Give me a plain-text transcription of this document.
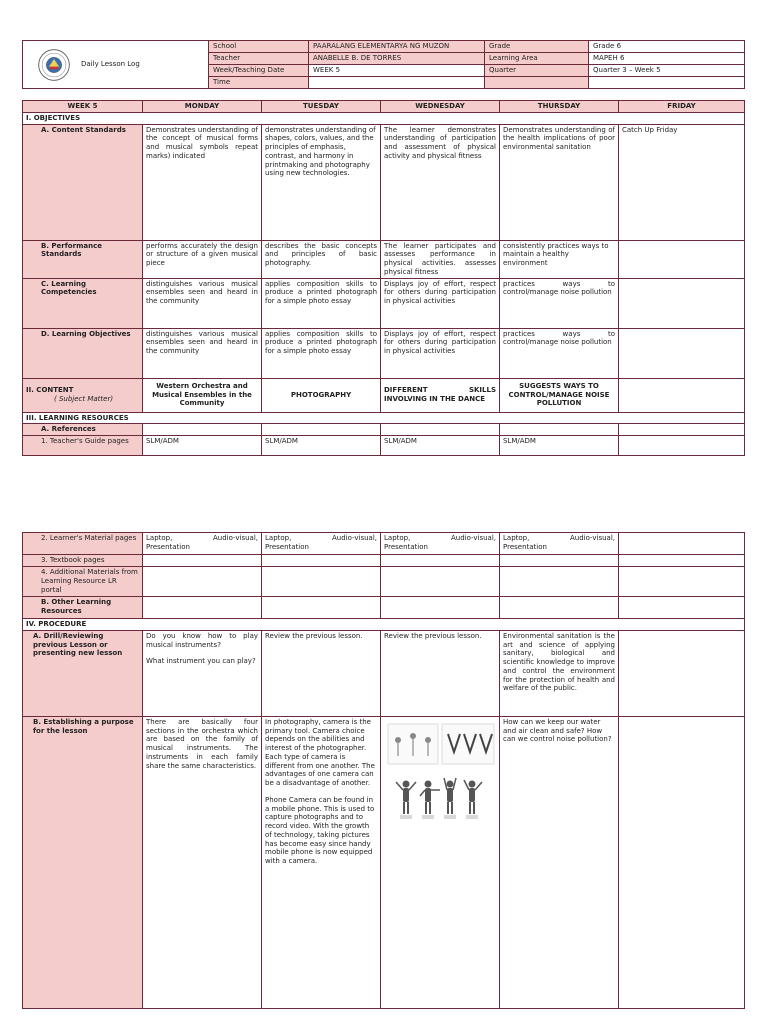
Daily Lesson Log	School	PAARALANG ELEMENTARYA NG MUZON	Grade	Grade 6
	Teacher	ANABELLE B. DE TORRES	Learning Area	MAPEH 6
	Week/Teaching Date	WEEK 5	Quarter	Quarter 3 – Week 5
	Time			
WEEK 5	MONDAY	TUESDAY	WEDNESDAY	THURSDAY	FRIDAY
I. OBJECTIVES					
A. Content Standards	Demonstrates understanding of the concept of musical forms and musical symbols repeat marks) indicated	demonstrates understanding of shapes, colors, values, and the principles of emphasis, contrast, and harmony in printmaking and photography using new technologies.	The learner demonstrates understanding of participation and assessment of physical activity and physical fitness	Demonstrates understanding of the health implications of poor environmental sanitation	Catch Up Friday
B. Performance Standards	performs accurately the design or structure of a given musical piece	describes the basic concepts and principles of basic photography.	The learner participates and assesses performance in physical activities. assesses physical fitness	consistently practices ways to maintain a healthy environment	
C. Learning Competencies	distinguishes various musical ensembles seen and heard in the community	applies composition skills to produce a printed photograph for a simple photo essay	Displays joy of effort, respect for others during participation in physical activities	practices ways to control/manage noise pollution	
D. Learning Objectives	distinguishes various musical ensembles seen and heard in the community	applies composition skills to produce a printed photograph for a simple photo essay	Displays joy of effort, respect for others during participation in physical activities	practices ways to control/manage noise pollution	

II. CONTENT
( Subject Matter)	Western Orchestra and Musical Ensembles in the Community	PHOTOGRAPHY	DIFFERENT SKILLS INVOLVING IN THE DANCE	SUGGESTS WAYS TO CONTROL/MANAGE NOISE POLLUTION	
III. LEARNING RESOURCES					
A. References					
1. Teacher's Guide pages	SLM/ADM	SLM/ADM	SLM/ADM	SLM/ADM	
2. Learner's Material pages	Laptop, Audio-visual, Presentation	Laptop, Audio-visual, Presentation	Laptop, Audio-visual, Presentation	Laptop, Audio-visual, Presentation	
3. Textbook pages					
4. Additional Materials from Learning Resource LR portal					
B. Other Learning Resources					
IV. PROCEDURE					
A. Drill/Reviewing previous Lesson or presenting new lesson	Do you know how to play musical instruments?
What instrument you can play?	Review the previous lesson.	Review the previous lesson.	Environmental sanitation is the art and science of applying sanitary, biological and scientific knowledge to improve and control the environment for the protection of health and welfare of the public.	
B. Establishing a purpose for the lesson	There are basically four sections in the orchestra which are based on the family of musical instruments. The instruments in each family share the same characteristics.	In photography, camera is the primary tool. Camera choice depends on the abilities and interest of the photographer. Each type of camera is different from one another. The advantages of one camera can be a disadvantage of another.
Phone Camera can be found in a mobile phone. This is used to capture photographs and to record video. With the growth of technology, taking pictures has become easy since handy mobile phone is now equipped with a camera.		How can we keep our water and air clean and safe? How can we control noise pollution?	
